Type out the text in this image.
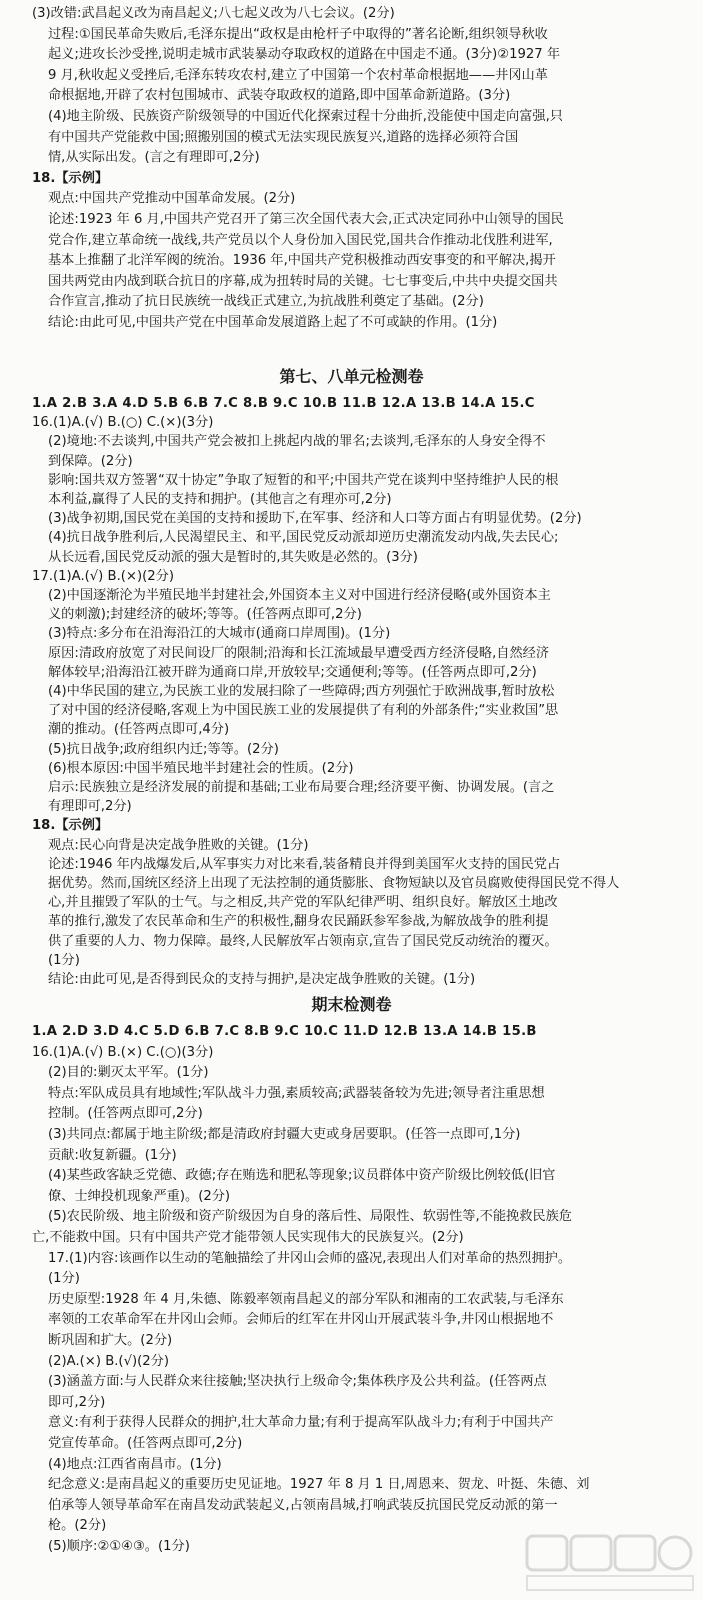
第七、八单元检测卷
期末检测卷
(3)改错:武昌起义改为南昌起义;八七起义改为八七会议。(2分)
过程:①国民革命失败后,毛泽东提出“政权是由枪杆子中取得的”著名论断,组织领导秋收
起义;进攻长沙受挫,说明走城市武装暴动夺取政权的道路在中国走不通。(3分)②1927 年
9 月,秋收起义受挫后,毛泽东转攻农村,建立了中国第一个农村革命根据地——井冈山革
命根据地,开辟了农村包围城市、武装夺取政权的道路,即中国革命新道路。(3分)
(4)地主阶级、民族资产阶级领导的中国近代化探索过程十分曲折,没能使中国走向富强,只
有中国共产党能救中国;照搬别国的模式无法实现民族复兴,道路的选择必须符合国
情,从实际出发。(言之有理即可,2分)
18.【示例】
观点:中国共产党推动中国革命发展。(2分)
论述:1923 年 6 月,中国共产党召开了第三次全国代表大会,正式决定同孙中山领导的国民
党合作,建立革命统一战线,共产党员以个人身份加入国民党,国共合作推动北伐胜利进军,
基本上推翻了北洋军阀的统治。1936 年,中国共产党积极推动西安事变的和平解决,揭开
国共两党由内战到联合抗日的序幕,成为扭转时局的关键。七七事变后,中共中央提交国共
合作宣言,推动了抗日民族统一战线正式建立,为抗战胜利奠定了基础。(2分)
结论:由此可见,中国共产党在中国革命发展道路上起了不可或缺的作用。(1分)
1.A 2.B 3.A 4.D 5.B 6.B 7.C 8.B 9.C 10.B 11.B 12.A 13.B 14.A 15.C
16.(1)A.(√) B.(○) C.(×)(3分)
(2)境地:不去谈判,中国共产党会被扣上挑起内战的罪名;去谈判,毛泽东的人身安全得不
到保障。(2分)
影响:国共双方签署“双十协定”争取了短暂的和平;中国共产党在谈判中坚持维护人民的根
本利益,赢得了人民的支持和拥护。(其他言之有理亦可,2分)
(3)战争初期,国民党在美国的支持和援助下,在军事、经济和人口等方面占有明显优势。(2分)
(4)抗日战争胜利后,人民渴望民主、和平,国民党反动派却逆历史潮流发动内战,失去民心;
从长远看,国民党反动派的强大是暂时的,其失败是必然的。(3分)
17.(1)A.(√) B.(×)(2分)
(2)中国逐渐沦为半殖民地半封建社会,外国资本主义对中国进行经济侵略(或外国资本主
义的刺激);封建经济的破坏;等等。(任答两点即可,2分)
(3)特点:多分布在沿海沿江的大城市(通商口岸周围)。(1分)
原因:清政府放宽了对民间设厂的限制;沿海和长江流域最早遭受西方经济侵略,自然经济
解体较早;沿海沿江被开辟为通商口岸,开放较早;交通便利;等等。(任答两点即可,2分)
(4)中华民国的建立,为民族工业的发展扫除了一些障碍;西方列强忙于欧洲战事,暂时放松
了对中国的经济侵略,客观上为中国民族工业的发展提供了有利的外部条件;“实业救国”思
潮的推动。(任答两点即可,4分)
(5)抗日战争;政府组织内迁;等等。(2分)
(6)根本原因:中国半殖民地半封建社会的性质。(2分)
启示:民族独立是经济发展的前提和基础;工业布局要合理;经济要平衡、协调发展。(言之
有理即可,2分)
18.【示例】
观点:民心向背是决定战争胜败的关键。(1分)
论述:1946 年内战爆发后,从军事实力对比来看,装备精良并得到美国军火支持的国民党占
据优势。然而,国统区经济上出现了无法控制的通货膨胀、食物短缺以及官员腐败使得国民党不得人
心,并且摧毁了军队的士气。与之相反,共产党的军队纪律严明、组织良好。解放区土地改
革的推行,激发了农民革命和生产的积极性,翻身农民踊跃参军参战,为解放战争的胜利提
供了重要的人力、物力保障。最终,人民解放军占领南京,宣告了国民党反动统治的覆灭。
(1分)
结论:由此可见,是否得到民众的支持与拥护,是决定战争胜败的关键。(1分)
1.A 2.D 3.D 4.C 5.D 6.B 7.C 8.B 9.C 10.C 11.D 12.B 13.A 14.B 15.B
16.(1)A.(√) B.(×) C.(○)(3分)
(2)目的:剿灭太平军。(1分)
特点:军队成员具有地域性;军队战斗力强,素质较高;武器装备较为先进;领导者注重思想
控制。(任答两点即可,2分)
(3)共同点:都属于地主阶级;都是清政府封疆大吏或身居要职。(任答一点即可,1分)
贡献:收复新疆。(1分)
(4)某些政客缺乏党德、政德;存在贿选和肥私等现象;议员群体中资产阶级比例较低(旧官
僚、士绅投机现象严重)。(2分)
(5)农民阶级、地主阶级和资产阶级因为自身的落后性、局限性、软弱性等,不能挽救民族危
亡,不能救中国。只有中国共产党才能带领人民实现伟大的民族复兴。(2分)
17.(1)内容:该画作以生动的笔触描绘了井冈山会师的盛况,表现出人们对革命的热烈拥护。
(1分)
历史原型:1928 年 4 月,朱德、陈毅率领南昌起义的部分军队和湘南的工农武装,与毛泽东
率领的工农革命军在井冈山会师。会师后的红军在井冈山开展武装斗争,井冈山根据地不
断巩固和扩大。(2分)
(2)A.(×) B.(√)(2分)
(3)涵盖方面:与人民群众来往接触;坚决执行上级命令;集体秩序及公共利益。(任答两点
即可,2分)
意义:有利于获得人民群众的拥护,壮大革命力量;有利于提高军队战斗力;有利于中国共产
党宣传革命。(任答两点即可,2分)
(4)地点:江西省南昌市。(1分)
纪念意义:是南昌起义的重要历史见证地。1927 年 8 月 1 日,周恩来、贺龙、叶挺、朱德、刘
伯承等人领导革命军在南昌发动武装起义,占领南昌城,打响武装反抗国民党反动派的第一
枪。(2分)
(5)顺序:②①④③。(1分)
